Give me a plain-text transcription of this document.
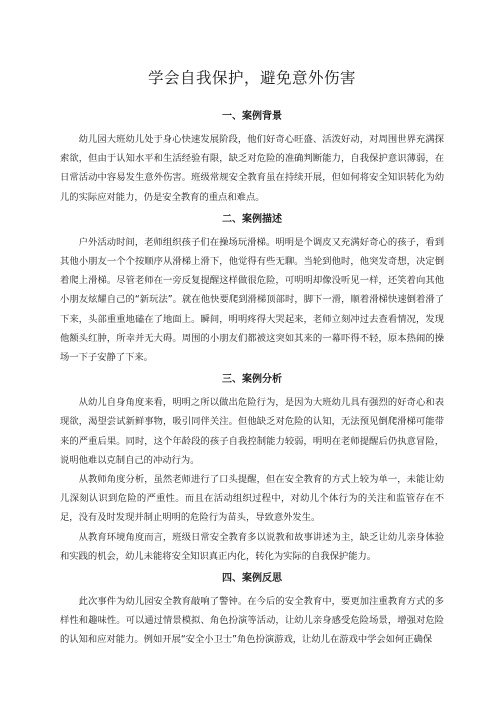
学会自我保护，避免意外伤害
一、案例背景

幼儿园大班幼儿处于身心快速发展阶段，他们好奇心旺盛、活泼好动，对周围世界充满探索欲，但由于认知水平和生活经验有限，缺乏对危险的准确判断能力，自我保护意识薄弱，在日常活动中容易发生意外伤害。班级常规安全教育虽在持续开展，但如何将安全知识转化为幼儿的实际应对能力，仍是安全教育的重点和难点。

二、案例描述

户外活动时间，老师组织孩子们在操场玩滑梯。明明是个调皮又充满好奇心的孩子，看到其他小朋友一个个按顺序从滑梯上滑下，他觉得有些无聊。当轮到他时，他突发奇想，决定倒着爬上滑梯。尽管老师在一旁反复提醒这样做很危险，可明明却像没听见一样，还笑着向其他小朋友炫耀自己的“新玩法”。就在他快要爬到滑梯顶部时，脚下一滑，顺着滑梯快速倒着滑了下来，头部重重地磕在了地面上。瞬间，明明疼得大哭起来，老师立刻冲过去查看情况，发现他额头红肿，所幸并无大碍。周围的小朋友们都被这突如其来的一幕吓得不轻，原本热闹的操场一下子安静了下来。

三、案例分析

从幼儿自身角度来看，明明之所以做出危险行为，是因为大班幼儿具有强烈的好奇心和表现欲，渴望尝试新鲜事物，吸引同伴关注。但他缺乏对危险的认知，无法预见倒爬滑梯可能带来的严重后果。同时，这个年龄段的孩子自我控制能力较弱，明明在老师提醒后仍执意冒险，说明他难以克制自己的冲动行为。

从教师角度分析，虽然老师进行了口头提醒，但在安全教育的方式上较为单一，未能让幼儿深刻认识到危险的严重性。而且在活动组织过程中，对幼儿个体行为的关注和监管存在不足，没有及时发现并制止明明的危险行为苗头，导致意外发生。

从教育环境角度而言，班级日常安全教育多以说教和故事讲述为主，缺乏让幼儿亲身体验和实践的机会，幼儿未能将安全知识真正内化，转化为实际的自我保护能力。

四、案例反思

此次事件为幼儿园安全教育敲响了警钟。在今后的安全教育中，要更加注重教育方式的多样性和趣味性。可以通过情景模拟、角色扮演等活动，让幼儿亲身感受危险场景，增强对危险的认知和应对能力。例如开展“安全小卫士”角色扮演游戏，让幼儿在游戏中学会如何正确保
